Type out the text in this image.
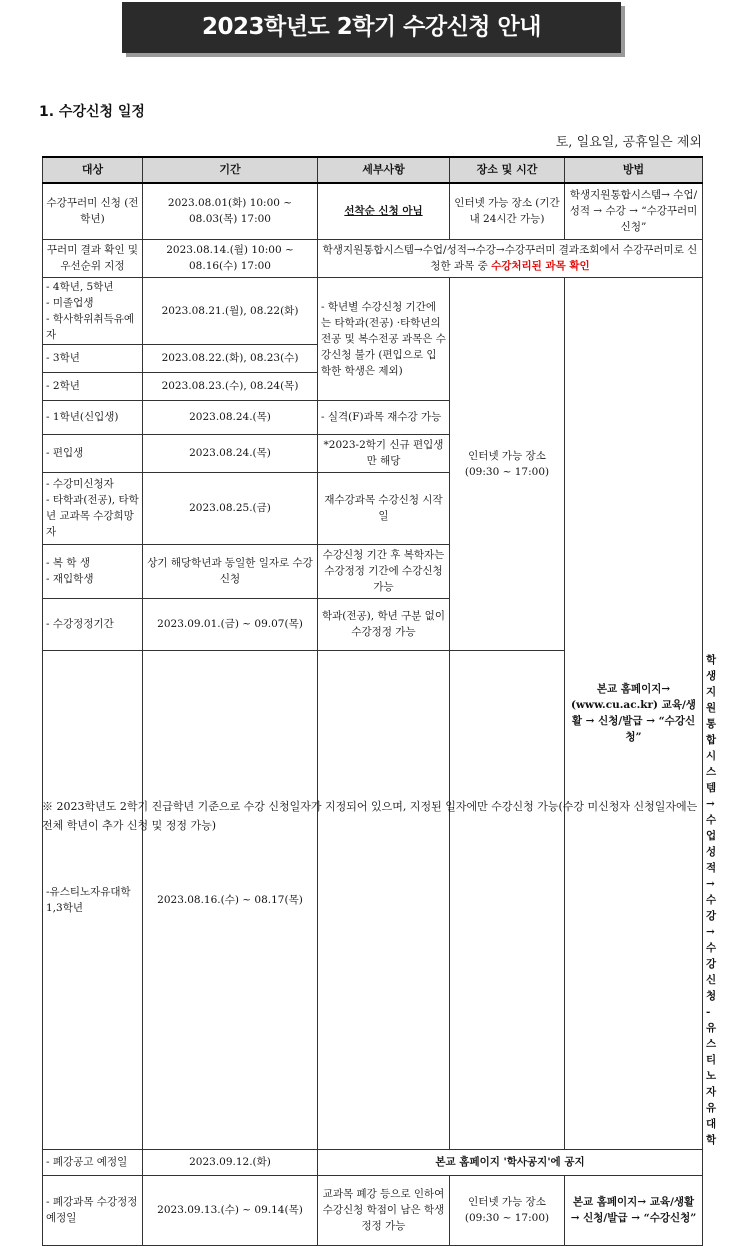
2023학년도 2학기 수강신청 안내
1. 수강신청 일정
토, 일요일, 공휴일은 제외
대상	기간	세부사항	장소 및 시간	방법	
수강꾸러미 신청 (전학년)	2023.08.01(화) 10:00 ~ 08.03(목) 17:00	선착순 신청 아님	인터넷 가능 장소 (기간 내 24시간 가능)	학생지원통합시스템→ 수업/성적 → 수강 → “수강꾸러미 신청”	
꾸러미 결과 확인 및 우선순위 지정	2023.08.14.(월) 10:00 ~ 08.16(수) 17:00	학생지원통합시스템→수업/성적→수강→수강꾸러미 결과조회에서 수강꾸러미로 신청한 과목 중 수강처리된 과목 확인			

- 4학년, 5학년
- 미졸업생
- 학사학위취득유예자	2023.08.21.(월), 08.22(화)	- 학년별 수강신청 기간에는 타학과(전공) ·타학년의 전공 및 복수전공 과목은 수강신청 불가 (편입으로 입학한 학생은 제외)	인터넷 가능 장소 (09:30 ~ 17:00)	본교 홈페이지→ (www.cu.ac.kr) 교육/생활 → 신청/발급 → “수강신청”	
- 3학년	2023.08.22.(화), 08.23(수)				
- 2학년	2023.08.23.(수), 08.24(목)				
- 1학년(신입생)	2023.08.24.(목)	- 실격(F)과목 재수강 가능			
- 편입생	2023.08.24.(목)	*2023-2학기 신규 편입생만 해당			

- 수강미신청자
- 타학과(전공), 타학년 교과목 수강희망자	2023.08.25.(금)	재수강과목 수강신청 시작일			

- 복 학 생
- 재입학생	상기 해당학년과 동일한 일자로 수강신청	수강신청 기간 후 복학자는 수강정정 기간에 수강신청 가능			
- 수강정정기간	2023.09.01.(금) ~ 09.07(목)	학과(전공), 학년 구분 없이 수강정정 가능			
-유스티노자유대학 1,3학년	2023.08.16.(수) ~ 08.17(목)				학생지원통합시스템→수업성적→수강→수강신청 -유스티노자유대학
- 폐강공고 예정일	2023.09.12.(화)	본교 홈페이지 '학사공지'에 공지			
- 폐강과목 수강정정 예정일	2023.09.13.(수) ~ 09.14(목)	교과목 폐강 등으로 인하여 수강신청 학점이 남은 학생 정정 가능	인터넷 가능 장소 (09:30 ~ 17:00)	본교 홈페이지→ 교육/생활 → 신청/발급 → “수강신청”	
※ 2023학년도 2학기 진급학년 기준으로 수강 신청일자가 지정되어 있으며, 지정된 일자에만 수강신청 가능(수강 미신청자 신청일자에는 전체 학년이 추가 신청 및 정정 가능)
